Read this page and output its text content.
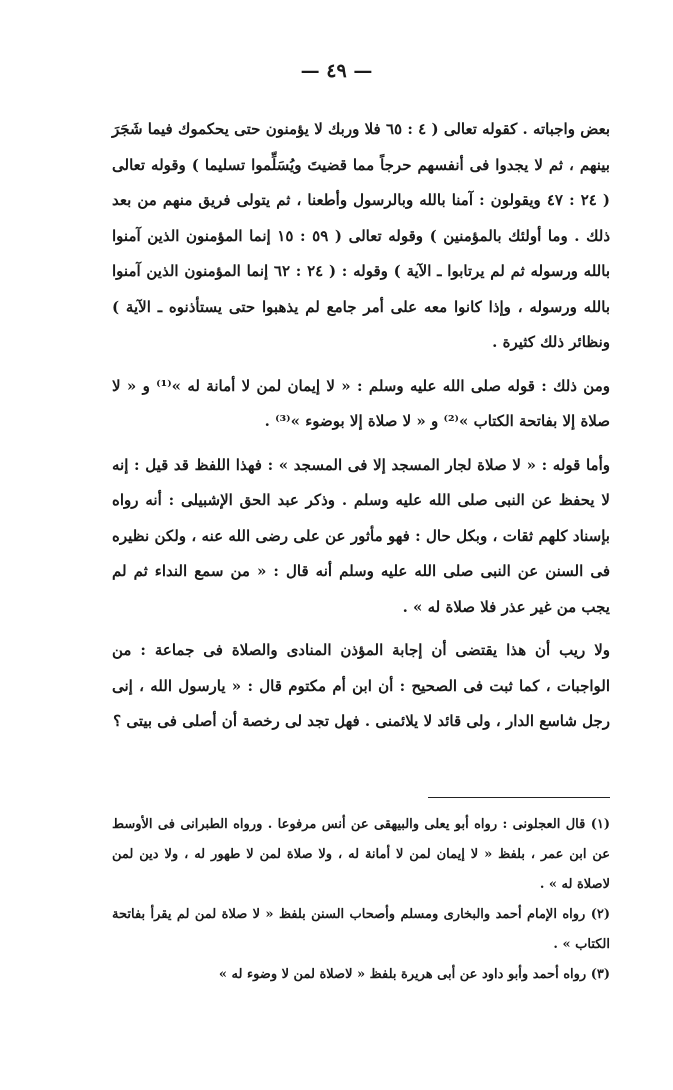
— ٤٩ —

بعض واجباته . كقوله تعالى ( ٤ : ٦٥ فلا وربك لا يؤمنون حتى يحكموك فيما شَجَرَ بينهم ، ثم لا يجدوا فى أنفسهم حرجاً مما قضيتَ ويُسَلِّموا تسليما ) وقوله تعالى ( ٢٤ : ٤٧ ويقولون : آمنا بالله وبالرسول وأطعنا ، ثم يتولى فريق منهم من بعد ذلك . وما أولئك بالمؤمنين ) وقوله تعالى ( ٥٩ : ١٥ إنما المؤمنون الذين آمنوا بالله ورسوله ثم لم يرتابوا ـ الآية ) وقوله : ( ٢٤ : ٦٢ إنما المؤمنون الذين آمنوا بالله ورسوله ، وإذا كانوا معه على أمر جامع لم يذهبوا حتى يستأذنوه ـ الآية ) ونظائر ذلك كثيرة .

ومن ذلك : قوله صلى الله عليه وسلم : « لا إيمان لمن لا أمانة له »⁽¹⁾ و « لا صلاة إلا بفاتحة الكتاب »⁽²⁾ و « لا صلاة إلا بوضوء »⁽³⁾ .

وأما قوله : « لا صلاة لجار المسجد إلا فى المسجد » : فهذا اللفظ قد قيل : إنه لا يحفظ عن النبى صلى الله عليه وسلم . وذكر عبد الحق الإشبيلى : أنه رواه بإسناد كلهم ثقات ، وبكل حال : فهو مأثور عن على رضى الله عنه ، ولكن نظيره فى السنن عن النبى صلى الله عليه وسلم أنه قال : « من سمع النداء ثم لم يجب من غير عذر فلا صلاة له » .

ولا ريب أن هذا يقتضى أن إجابة المؤذن المنادى والصلاة فى جماعة : من الواجبات ، كما ثبت فى الصحيح : أن ابن أم مكتوم قال : « يارسول الله ، إنى رجل شاسع الدار ، ولى قائد لا يلائمنى . فهل تجد لى رخصة أن أصلى فى بيتى ؟

(١) قال العجلونى : رواه أبو يعلى والبيهقى عن أنس مرفوعا . ورواه الطبرانى فى الأوسط عن ابن عمر ، بلفظ « لا إيمان لمن لا أمانة له ، ولا صلاة لمن لا طهور له ، ولا دين لمن لاصلاة له » .

(٢) رواه الإمام أحمد والبخارى ومسلم وأصحاب السنن بلفظ « لا صلاة لمن لم يقرأ بفاتحة الكتاب » .

(٣) رواه أحمد وأبو داود عن أبى هريرة بلفظ « لاصلاة لمن لا وضوء له »
